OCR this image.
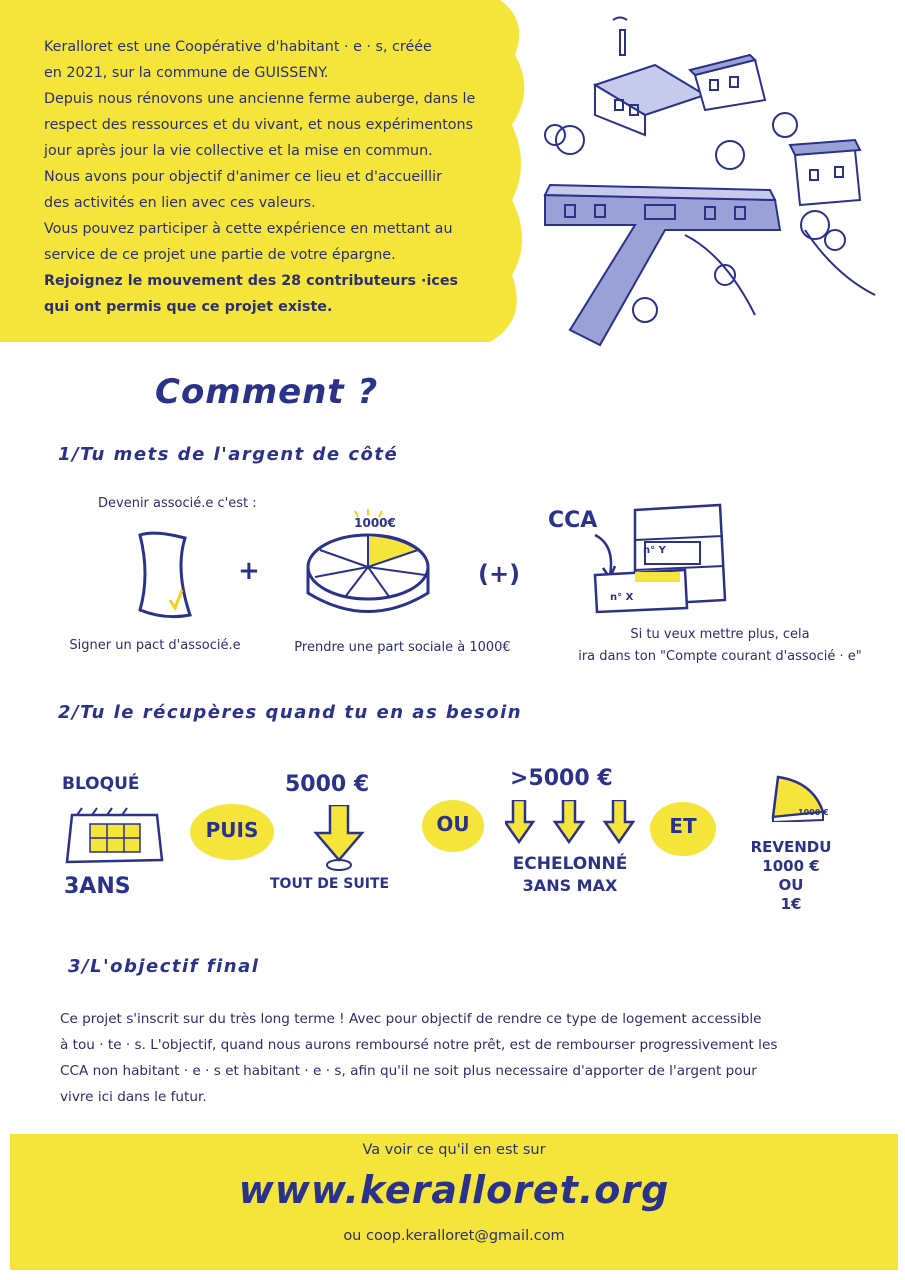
Keralloret est une Coopérative d'habitant · e · s, créée

en 2021, sur la commune de GUISSENY.

Depuis nous rénovons une ancienne ferme auberge, dans le

respect des ressources et du vivant, et nous expérimentons

jour après jour la vie collective et la mise en commun.

Nous avons pour objectif d'animer ce lieu et d'accueillir

des activités en lien avec ces valeurs.

Vous pouvez participer à cette expérience en mettant au

service de ce projet une partie de votre épargne.

Rejoignez le mouvement des 28 contributeurs ·ices

qui ont permis que ce projet existe.

Comment ?
1/Tu mets de l'argent de côté
Devenir associé.e c'est :
+
1000€
(+)
CCA
n° Y
n° X
Signer un pact d'associé.e	Prendre une part sociale à 1000€
Si tu veux mettre plus, cela
ira dans ton "Compte courant d'associé · e"
2/Tu le récupères quand tu en as besoin
BLOQUÉ
3ANS
PUIS
5000 €
TOUT DE SUITE
OU
>5000 €
ECHELONNÉ
3ANS MAX
ET
1000 €
REVENDU
1000 €
OU
1€
3/L'objectif final
Ce projet s'inscrit sur du très long terme ! Avec pour objectif de rendre ce type de logement accessible
à tou · te · s. L'objectif, quand nous aurons remboursé notre prêt, est de rembourser progressivement les
CCA non habitant · e · s et habitant · e · s, afin qu'il ne soit plus necessaire d'apporter de l'argent pour
vivre ici dans le futur.
Va voir ce qu'il en est sur
www.keralloret.org
ou coop.keralloret@gmail.com
